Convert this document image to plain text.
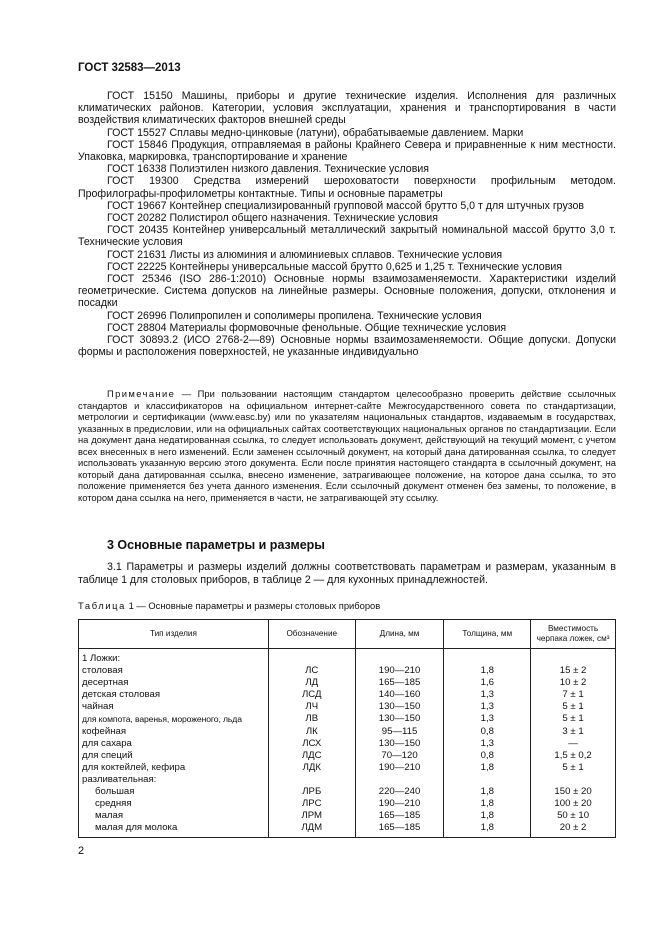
ГОСТ 32583—2013

ГОСТ 15150 Машины, приборы и другие технические изделия. Исполнения для различных климатических районов. Категории, условия эксплуатации, хранения и транспортирования в части воздействия климатических факторов внешней среды

ГОСТ 15527 Сплавы медно-цинковые (латуни), обрабатываемые давлением. Марки

ГОСТ 15846 Продукция, отправляемая в районы Крайнего Севера и приравненные к ним местности. Упаковка, маркировка, транспортирование и хранение

ГОСТ 16338 Полиэтилен низкого давления. Технические условия

ГОСТ 19300 Средства измерений шероховатости поверхности профильным методом. Профилографы-профилометры контактные. Типы и основные параметры

ГОСТ 19667 Контейнер специализированный групповой массой брутто 5,0 т для штучных грузов

ГОСТ 20282 Полистирол общего назначения. Технические условия

ГОСТ 20435 Контейнер универсальный металлический закрытый номинальной массой брутто 3,0 т. Технические условия

ГОСТ 21631 Листы из алюминия и алюминиевых сплавов. Технические условия

ГОСТ 22225 Контейнеры универсальные массой брутто 0,625 и 1,25 т. Технические условия

ГОСТ 25346 (ISO 286-1:2010) Основные нормы взаимозаменяемости. Характеристики изделий геометрические. Система допусков на линейные размеры. Основные положения, допуски, отклонения и посадки

ГОСТ 26996 Полипропилен и сополимеры пропилена. Технические условия

ГОСТ 28804 Материалы формовочные фенольные. Общие технические условия

ГОСТ 30893.2 (ИСО 2768-2—89) Основные нормы взаимозаменяемости. Общие допуски. Допуски формы и расположения поверхностей, не указанные индивидуально

Примечание — При пользовании настоящим стандартом целесообразно проверить действие ссылочных стандартов и классификаторов на официальном интернет-сайте Межгосударственного совета по стандартизации, метрологии и сертификации (www.easc.by) или по указателям национальных стандартов, издаваемым в государствах, указанных в предисловии, или на официальных сайтах соответствующих национальных органов по стандартизации. Если на документ дана недатированная ссылка, то следует использовать документ, действующий на текущий момент, с учетом всех внесенных в него изменений. Если заменен ссылочный документ, на который дана датированная ссылка, то следует использовать указанную версию этого документа. Если после принятия настоящего стандарта в ссылочный документ, на который дана датированная ссылка, внесено изменение, затрагивающее положение, на которое дана ссылка, то это положение применяется без учета данного изменения. Если ссылочный документ отменен без замены, то положение, в котором дана ссылка на него, применяется в части, не затрагивающей эту ссылку.

3 Основные параметры и размеры

3.1 Параметры и размеры изделий должны соответствовать параметрам и размерам, указанным в таблице 1 для столовых приборов, в таблице 2 — для кухонных принадлежностей.

Таблица 1 — Основные параметры и размеры столовых приборов
Тип изделия	Обозначение	Длина, мм	Толщина, мм	Вместимость черпака ложек, см³
1 Ложки:				
столовая	ЛС	190—210	1,8	15 ± 2
десертная	ЛД	165—185	1,6	10 ± 2
детская столовая	ЛСД	140—160	1,3	7 ± 1
чайная	ЛЧ	130—150	1,3	5 ± 1
для компота, варенья, мороженого, льда	ЛВ	130—150	1,3	5 ± 1
кофейная	ЛК	95—115	0,8	3 ± 1
для сахара	ЛСХ	130—150	1,3	—
для специй	ЛДС	70—120	0,8	1,5 ± 0,2
для коктейлей, кефира	ЛДК	190—210	1,8	5 ± 1
разливательная:				
большая	ЛРБ	220—240	1,8	150 ± 20
средняя	ЛРС	190—210	1,8	100 ± 20
малая	ЛРМ	165—185	1,8	50 ± 10
малая для молока	ЛДМ	165—185	1,8	20 ± 2
2
